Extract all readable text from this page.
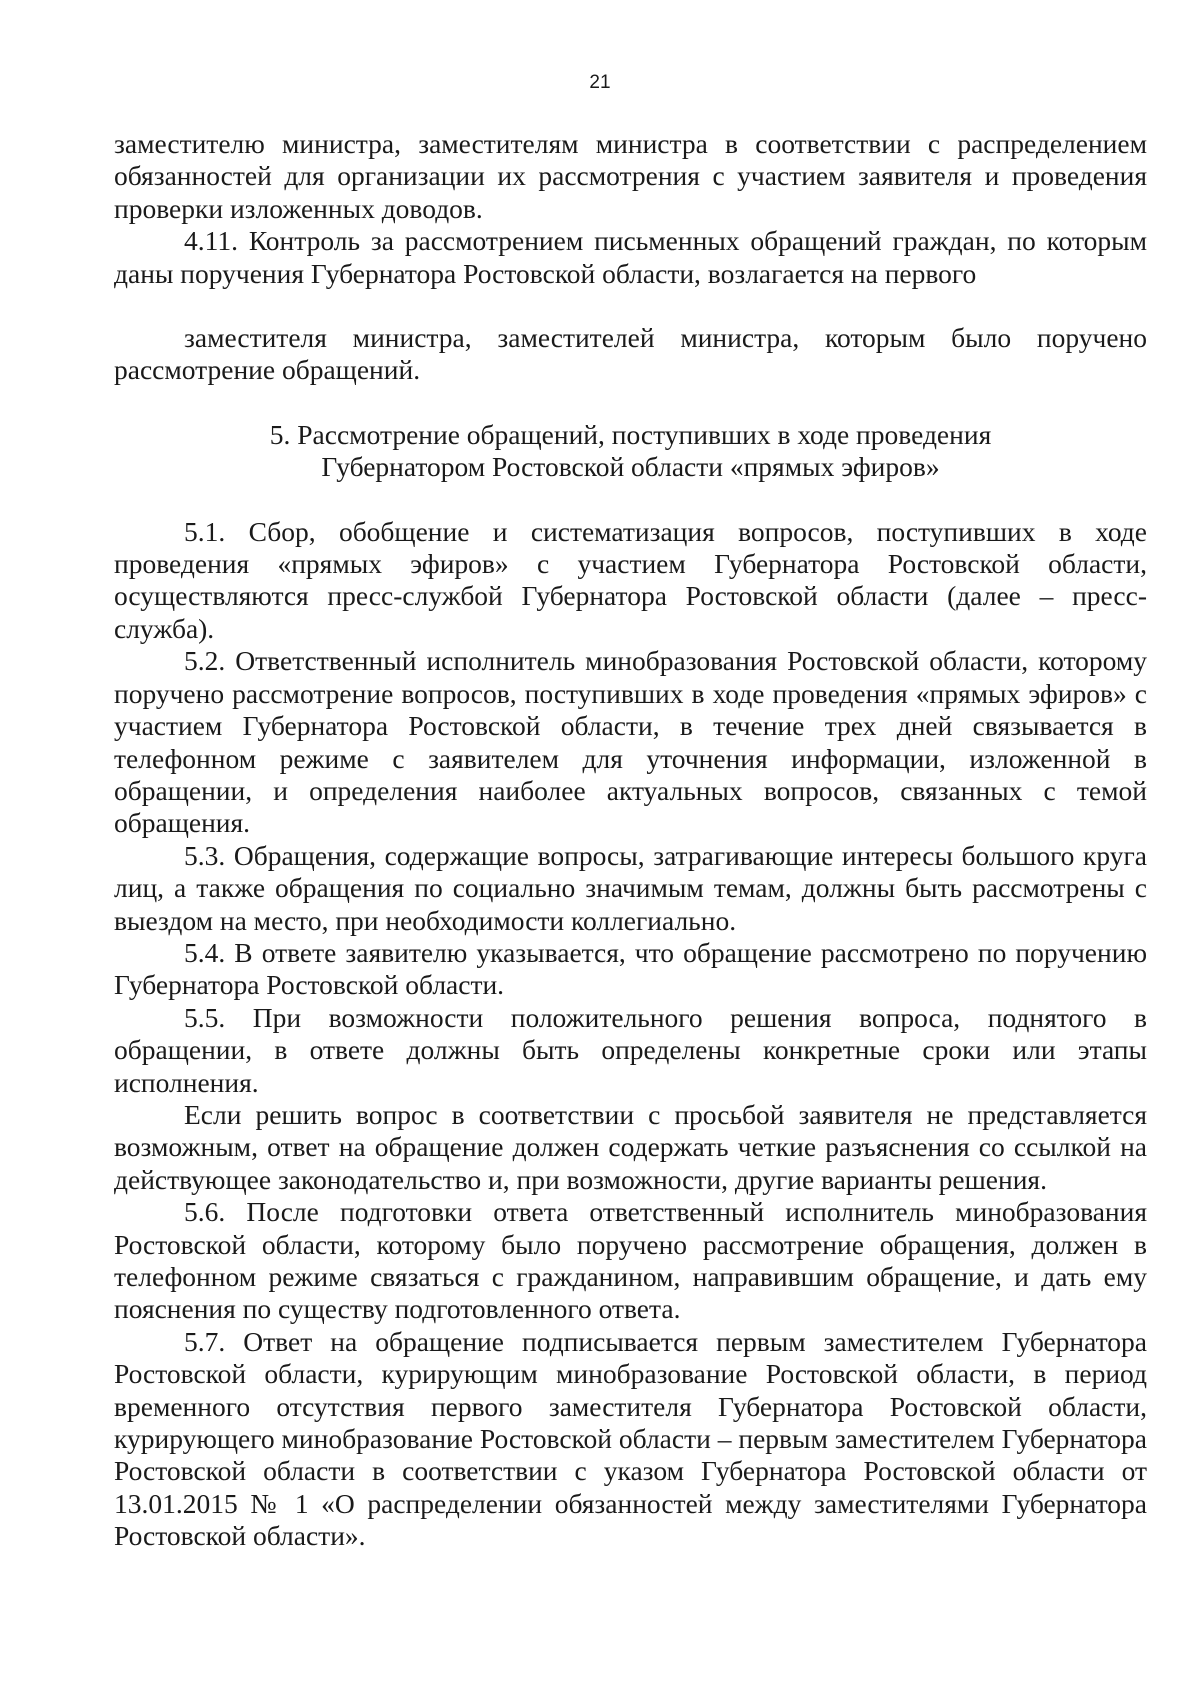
21

заместителю министра, заместителям министра в соответствии с распределением обязанностей для организации их рассмотрения с участием заявителя и проведения проверки изложенных доводов.

4.11. Контроль за рассмотрением письменных обращений граждан, по которым даны поручения Губернатора Ростовской области, возлагается на первого

заместителя министра, заместителей министра, которым было поручено рассмотрение обращений.

5. Рассмотрение обращений, поступивших в ходе проведения
Губернатором Ростовской области «прямых эфиров»

5.1. Сбор, обобщение и систематизация вопросов, поступивших в ходе проведения «прямых эфиров» с участием Губернатора Ростовской области, осуществляются пресс-службой Губернатора Ростовской области (далее – пресс-служба).

5.2. Ответственный исполнитель минобразования Ростовской области, которому поручено рассмотрение вопросов, поступивших в ходе проведения «прямых эфиров» с участием Губернатора Ростовской области, в течение трех дней связывается в телефонном режиме с заявителем для уточнения информации, изложенной в обращении, и определения наиболее актуальных вопросов, связанных с темой обращения.

5.3. Обращения, содержащие вопросы, затрагивающие интересы большого круга лиц, а также обращения по социально значимым темам, должны быть рассмотрены с выездом на место, при необходимости коллегиально.

5.4. В ответе заявителю указывается, что обращение рассмотрено по поручению Губернатора Ростовской области.

5.5. При возможности положительного решения вопроса, поднятого в обращении, в ответе должны быть определены конкретные сроки или этапы исполнения.

Если решить вопрос в соответствии с просьбой заявителя не представляется возможным, ответ на обращение должен содержать четкие разъяснения со ссылкой на действующее законодательство и, при возможности, другие варианты решения.

5.6. После подготовки ответа ответственный исполнитель минобразования Ростовской области, которому было поручено рассмотрение обращения, должен в телефонном режиме связаться с гражданином, направившим обращение, и дать ему пояснения по существу подготовленного ответа.

5.7. Ответ на обращение подписывается первым заместителем Губернатора Ростовской области, курирующим минобразование Ростовской области, в период временного отсутствия первого заместителя Губернатора Ростовской области, курирующего минобразование Ростовской области – первым заместителем Губернатора Ростовской области в соответствии с указом Губернатора Ростовской области от 13.01.2015 № 1 «О распределении обязанностей между заместителями Губернатора Ростовской области».
